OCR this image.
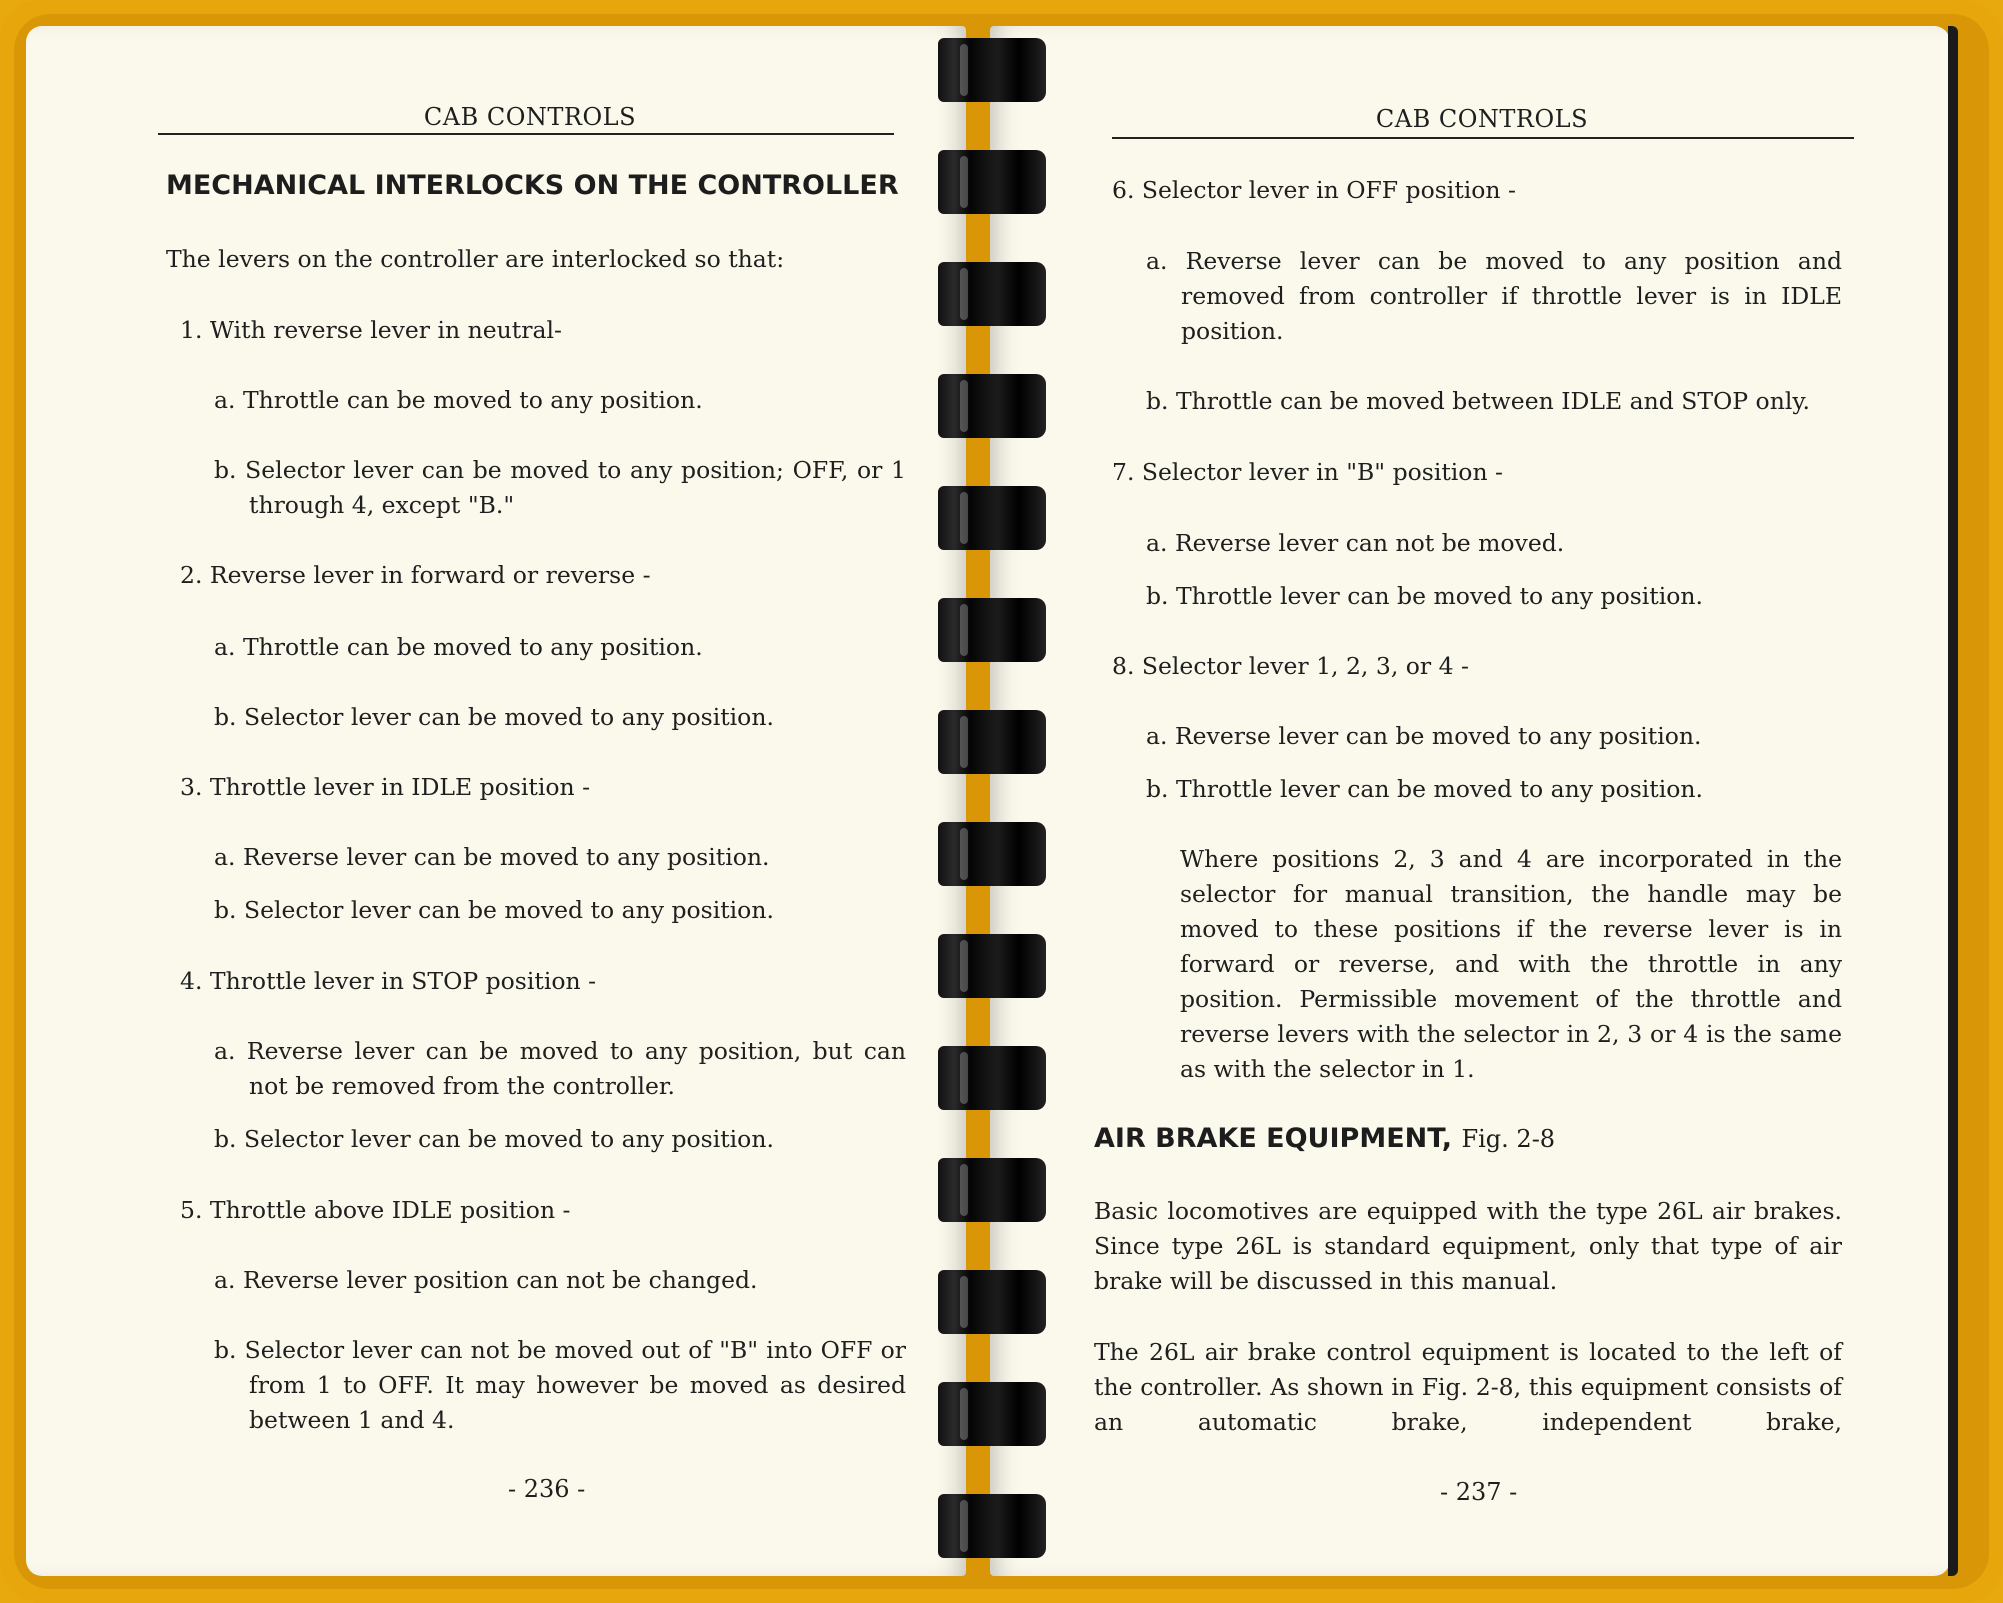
CAB CONTROLS
MECHANICAL INTERLOCKS ON THE CONTROLLER
The levers on the controller are interlocked so that:
1. With reverse lever in neutral-
a. Throttle can be moved to any position.
b. Selector lever can be moved to any position; OFF, or 1 through 4, except "B."
2. Reverse lever in forward or reverse -
a. Throttle can be moved to any position.
b. Selector lever can be moved to any position.
3. Throttle lever in IDLE position -
a. Reverse lever can be moved to any position.
b. Selector lever can be moved to any position.
4. Throttle lever in STOP position -
a. Reverse lever can be moved to any position, but can not be removed from the controller.
b. Selector lever can be moved to any position.
5. Throttle above IDLE position -
a. Reverse lever position can not be changed.
b. Selector lever can not be moved out of "B" into OFF or from 1 to OFF. It may however be moved as desired between 1 and 4.
- 236 -
CAB CONTROLS
6. Selector lever in OFF position -
a. Reverse lever can be moved to any position and removed from controller if throttle lever is in IDLE position.
b. Throttle can be moved between IDLE and STOP only.
7. Selector lever in "B" position -
a. Reverse lever can not be moved.
b. Throttle lever can be moved to any position.
8. Selector lever 1, 2, 3, or 4 -
a. Reverse lever can be moved to any position.
b. Throttle lever can be moved to any position.
Where positions 2, 3 and 4 are incorporated in the selector for manual transition, the handle may be moved to these positions if the reverse lever is in forward or reverse, and with the throttle in any position. Permissible movement of the throttle and reverse levers with the selector in 2, 3 or 4 is the same as with the selector in 1.
AIR BRAKE EQUIPMENT, Fig. 2-8
Basic locomotives are equipped with the type 26L air brakes. Since type 26L is standard equipment, only that type of air brake will be discussed in this manual.
The 26L air brake control equipment is located to the left of the controller. As shown in Fig. 2-8, this equipment consists of an automatic brake, independent brake,
- 237 -
